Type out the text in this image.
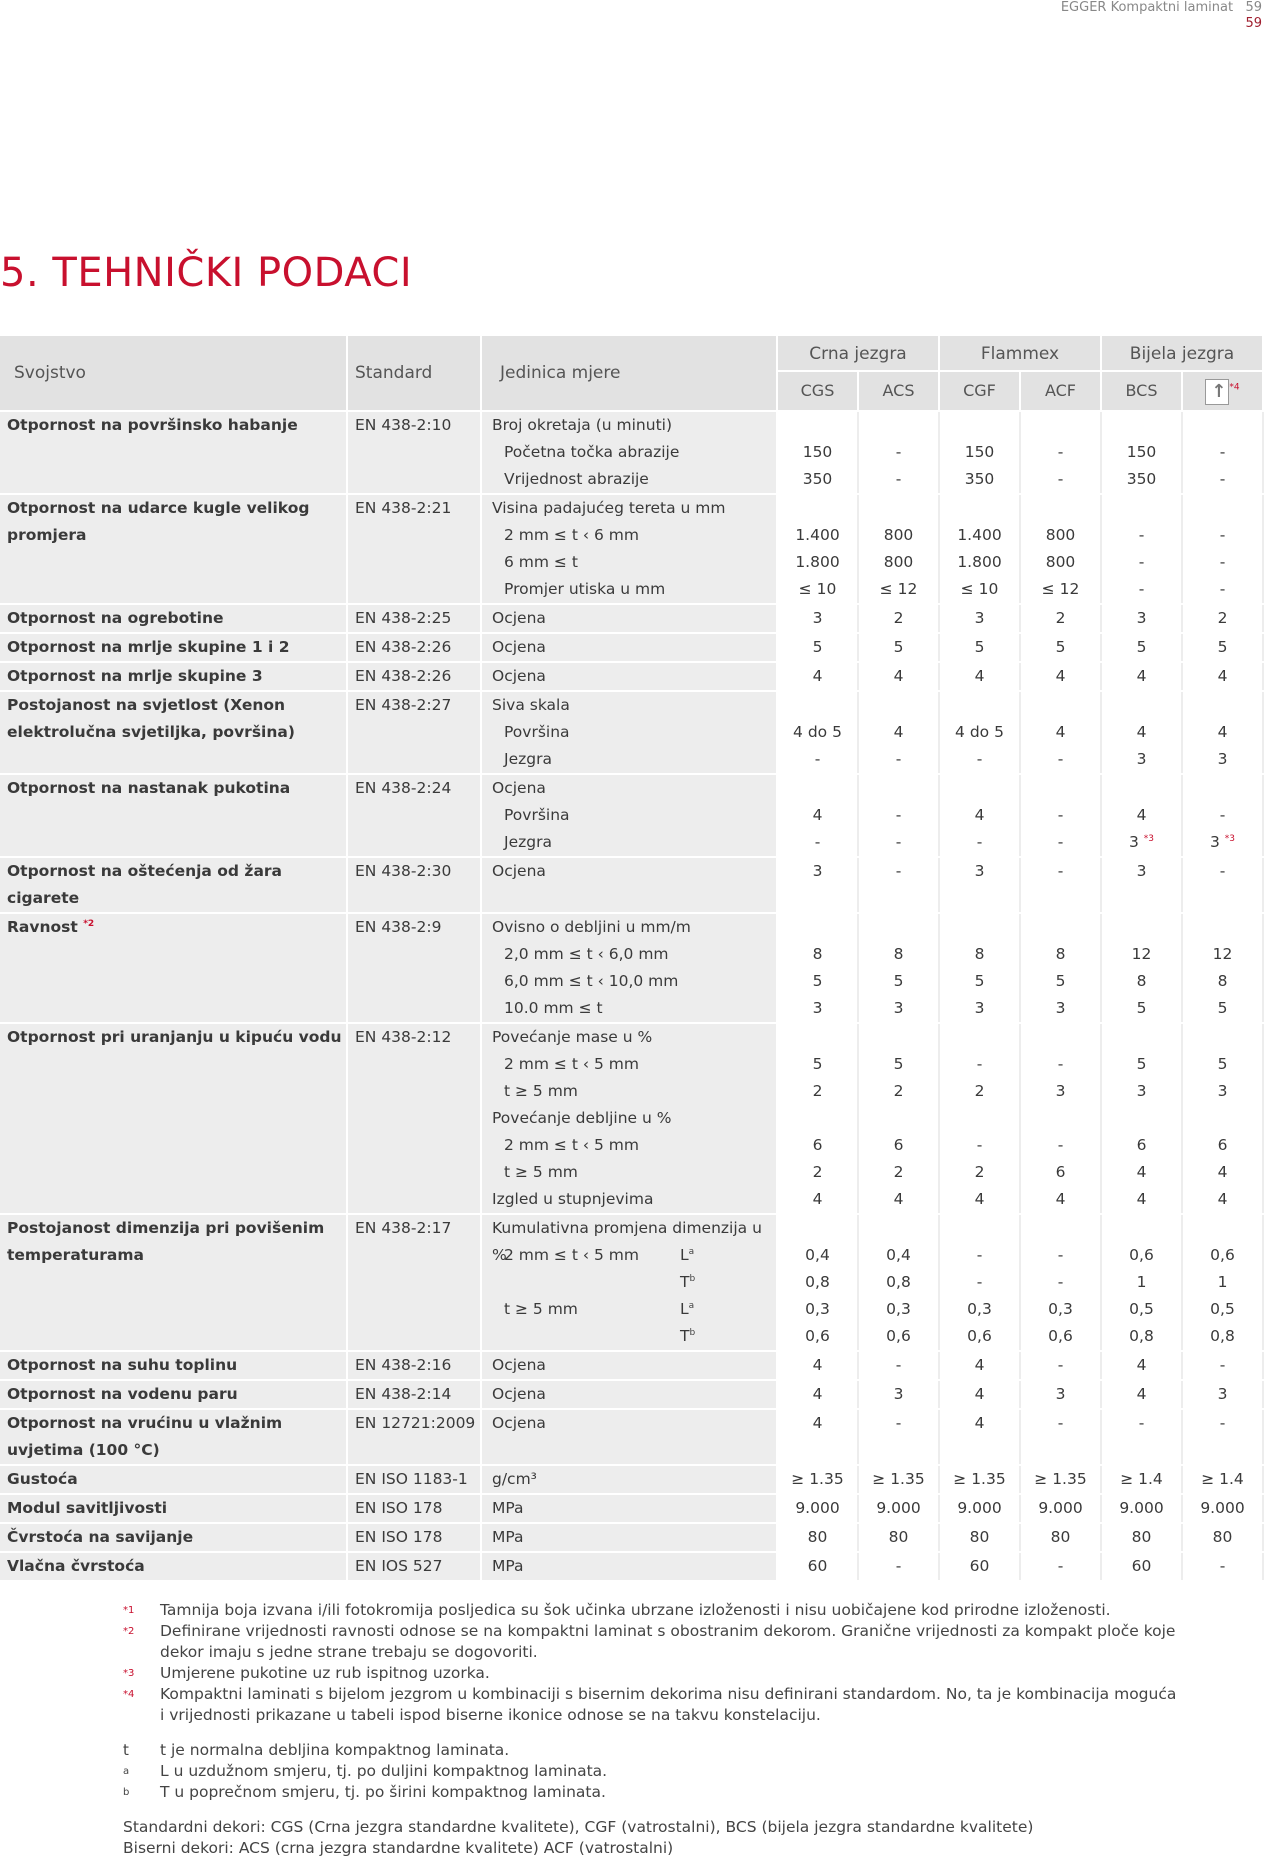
EGGER Kompaktni laminat 59
59
5. TEHNIČKI PODACI
Svojstvo	Standard	Jedinica mjere
Crna jezgra	Flammex	Bijela jezgra
CGS	ACS	CGF	ACF	BCS
↑	$^{*4}$
Otpornost na površinsko habanje	EN 438-2:10	Broj okretaja (u minuti)
Početna točka abrazije
Vrijednost abrazije
150
350
-
-
150
350
-
-
150
350
-
-
Otpornost na udarce kugle velikog promjera
EN 438-2:21	Visina padajućeg tereta u mm
2 mm ≤ t ‹ 6 mm
6 mm ≤ t
Promjer utiska u mm
1.400
1.800
≤ 10
800
800
≤ 12
1.400
1.800
≤ 10
800
800
≤ 12
-
-
-
-
-
-
Otpornost na ogrebotine	EN 438-2:25	Ocjena	3	2	3	2	3	2
Otpornost na mrlje skupine 1 i 2	EN 438-2:26	Ocjena	5	5	5	5	5	5
Otpornost na mrlje skupine 3	EN 438-2:26	Ocjena	4	4	4	4	4	4
Postojanost na svjetlost (Xenon elektrolučna svjetiljka, površina)
EN 438-2:27	Siva skala
Površina
Jezgra
4 do 5
-
4
-
4 do 5
-
4
-
4
3
4
3
Otpornost na nastanak pukotina	EN 438-2:24	Ocjena
Površina
Jezgra
4
-
-
-
4
-
-
-
4
3 $^{*3}$
-
3 $^{*3}$
Otpornost na oštećenja od žara cigarete
EN 438-2:30	Ocjena	3	-	3	-	3	-
Ravnost $^{*2}$	EN 438-2:9	Ovisno o debljini u mm/m
2,0 mm ≤ t ‹ 6,0 mm
6,0 mm ≤ t ‹ 10,0 mm
10.0 mm ≤ t
8
5
3
8
5
3
8
5
3
8
5
3
12
8
5
12
8
5
Otpornost pri uranjanju u kipuću vodu EN 438-2:12	Povećanje mase u %
2 mm ≤ t ‹ 5 mm
t ≥ 5 mm
Povećanje debljine u %
2 mm ≤ t ‹ 5 mm
t ≥ 5 mm
Izgled u stupnjevima
5
2
6
2
4
5
2
6
2
4
-
2
-
2
4
-
3
-
6
4
5
3
6
4
4
5
3
6
4
4
Postojanost dimenzija pri povišenim temperaturama
EN 438-2:17	Kumulativna promjena dimenzija u %
2 mm ≤ t ‹ 5 mm	$L^a$
$T^b$
t ≥ 5 mm	$L^a$
$T^b$
0,4
0,8
0,3
0,6
0,4
0,8
0,3
0,6
-
-
0,3
0,6
-
-
0,3
0,6
0,6
1
0,5
0,8
0,6
1
0,5
0,8
Otpornost na suhu toplinu	EN 438-2:16	Ocjena	4	-	4	-	4	-
Otpornost na vodenu paru	EN 438-2:14	Ocjena	4	3	4	3	4	3
Otpornost na vrućinu u vlažnim uvjetima (100 °C)
EN 12721:2009	Ocjena	4	-	4	-	-	-
Gustoća	EN ISO 1183-1	g/cm³	≥ 1.35	≥ 1.35	≥ 1.35	≥ 1.35	≥ 1.4	≥ 1.4
Modul savitljivosti	EN ISO 178	MPa	9.000	9.000	9.000	9.000	9.000	9.000
Čvrstoća na savijanje	EN ISO 178	MPa	80	80	80	80	80	80
Vlačna čvrstoća	EN IOS 527	MPa	60	-	60	-	60	-
*1	Tamnija boja izvana i/ili fotokromija posljedica su šok učinka ubrzane izloženosti i nisu uobičajene kod prirodne izloženosti.
*2	Definirane vrijednosti ravnosti odnose se na kompaktni laminat s obostranim dekorom. Granične vrijednosti za kompakt ploče koje dekor imaju s jedne strane trebaju se dogovoriti.
*3	Umjerene pukotine uz rub ispitnog uzorka.
*4	Kompaktni laminati s bijelom jezgrom u kombinaciji s bisernim dekorima nisu definirani standardom. No, ta je kombinacija moguća i vrijednosti prikazane u tabeli ispod biserne ikonice odnose se na takvu konstelaciju.
t	t je normalna debljina kompaktnog laminata.
a	L u uzdužnom smjeru, tj. po duljini kompaktnog laminata.
b	T u poprečnom smjeru, tj. po širini kompaktnog laminata.
Standardni dekori: CGS (Crna jezgra standardne kvalitete), CGF (vatrostalni), BCS (bijela jezgra standardne kvalitete)
Biserni dekori: ACS (crna jezgra standardne kvalitete) ACF (vatrostalni)
